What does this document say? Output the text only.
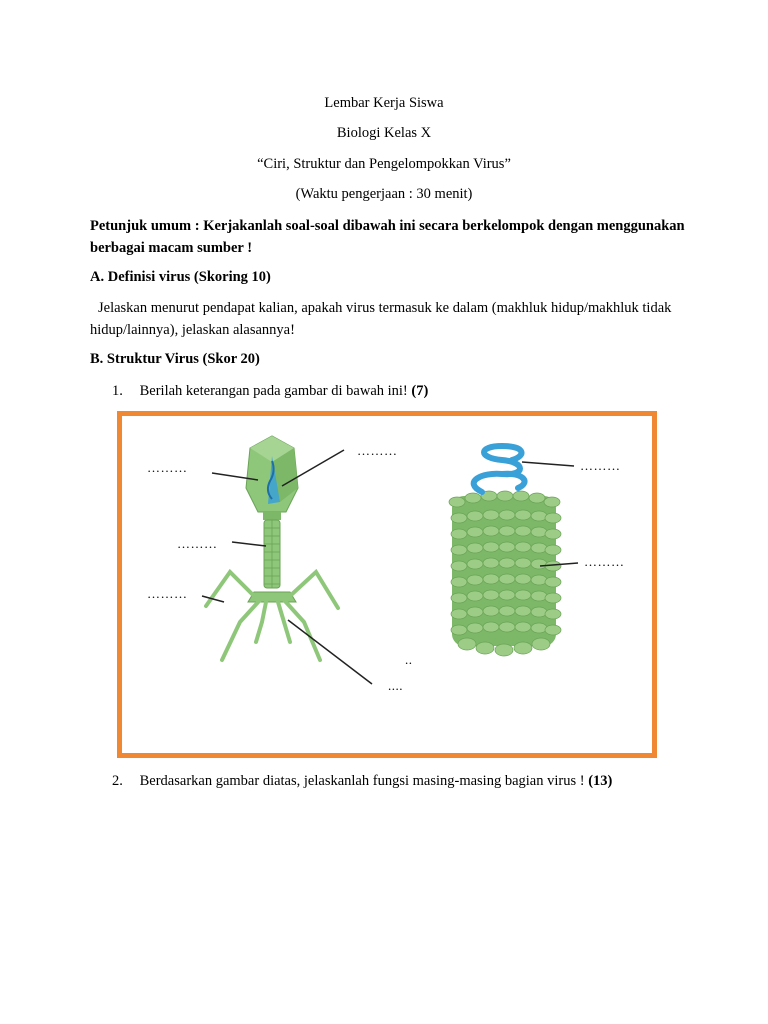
Lembar Kerja Siswa
Biologi Kelas X
“Ciri, Struktur dan Pengelompokkan Virus”
(Waktu pengerjaan : 30 menit)
Petunjuk umum : Kerjakanlah soal-soal dibawah ini secara berkelompok dengan menggunakan berbagai macam sumber !
A. Definisi virus (Skoring 10)
Jelaskan menurut pendapat kalian, apakah virus termasuk ke dalam (makhluk hidup/makhluk tidak hidup/lainnya), jelaskan alasannya!
B. Struktur Virus (Skor 20)
1. Berilah keterangan pada gambar di bawah ini! (7)
………
………
………
………
………
………
..
....
2. Berdasarkan gambar diatas, jelaskanlah fungsi masing-masing bagian virus ! (13)
